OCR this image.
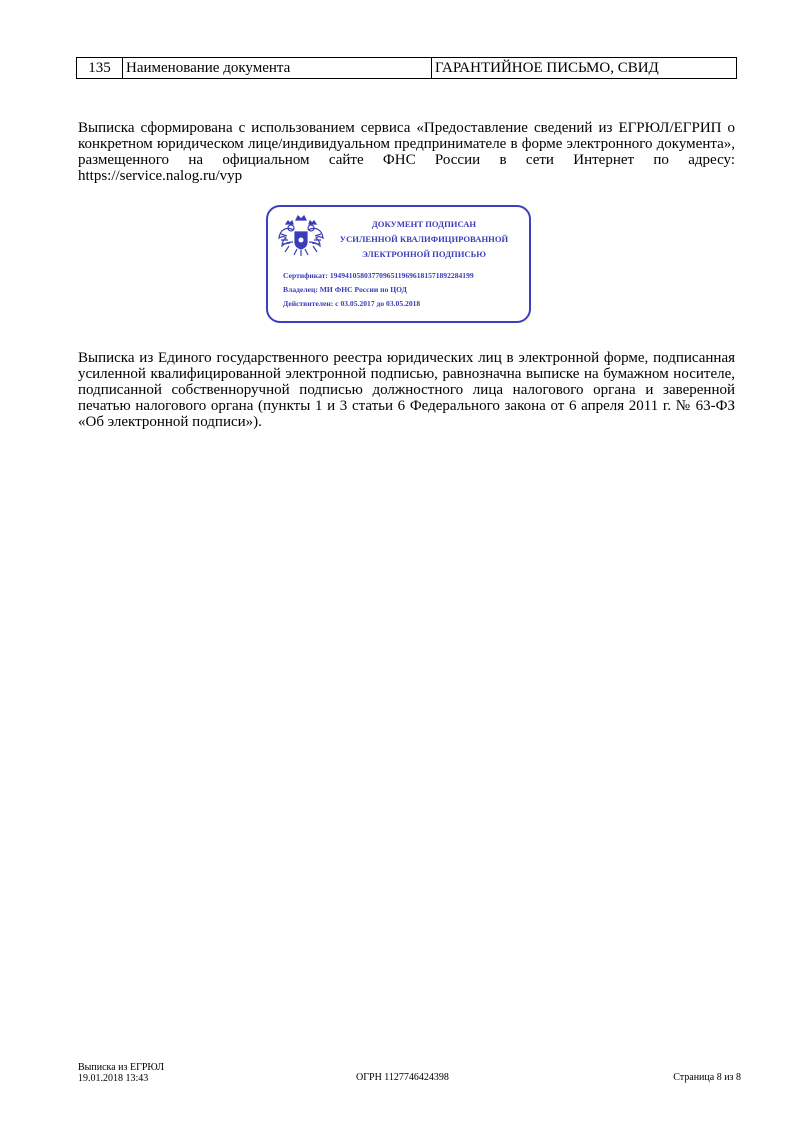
135	Наименование документа	ГАРАНТИЙНОЕ ПИСЬМО, СВИД

Выписка сформирована с использованием сервиса «Предоставление сведений из ЕГРЮЛ/ЕГРИП о конкретном юридическом лице/индивидуальном предпринимателе в форме электронного документа», размещенного на официальном сайте ФНС России в сети Интернет по адресу: https://service.nalog.ru/vyp

ДОКУМЕНТ ПОДПИСАН
УСИЛЕННОЙ КВАЛИФИЦИРОВАННОЙ
ЭЛЕКТРОННОЙ ПОДПИСЬЮ
Сертификат: 19494105803770965119696181571892284199
Владелец: МИ ФНС России по ЦОД
Действителен: с 03.05.2017 до 03.05.2018

Выписка из Единого государственного реестра юридических лиц в электронной форме, подписанная усиленной квалифицированной электронной подписью, равнозначна выписке на бумажном носителе, подписанной собственноручной подписью должностного лица налогового органа и заверенной печатью налогового органа (пункты 1 и 3 статьи 6 Федерального закона от 6 апреля 2011 г. № 63-ФЗ «Об электронной подписи»).

Выписка из ЕГРЮЛ
19.01.2018 13:43	ОГРН 1127746424398	Страница 8 из 8
